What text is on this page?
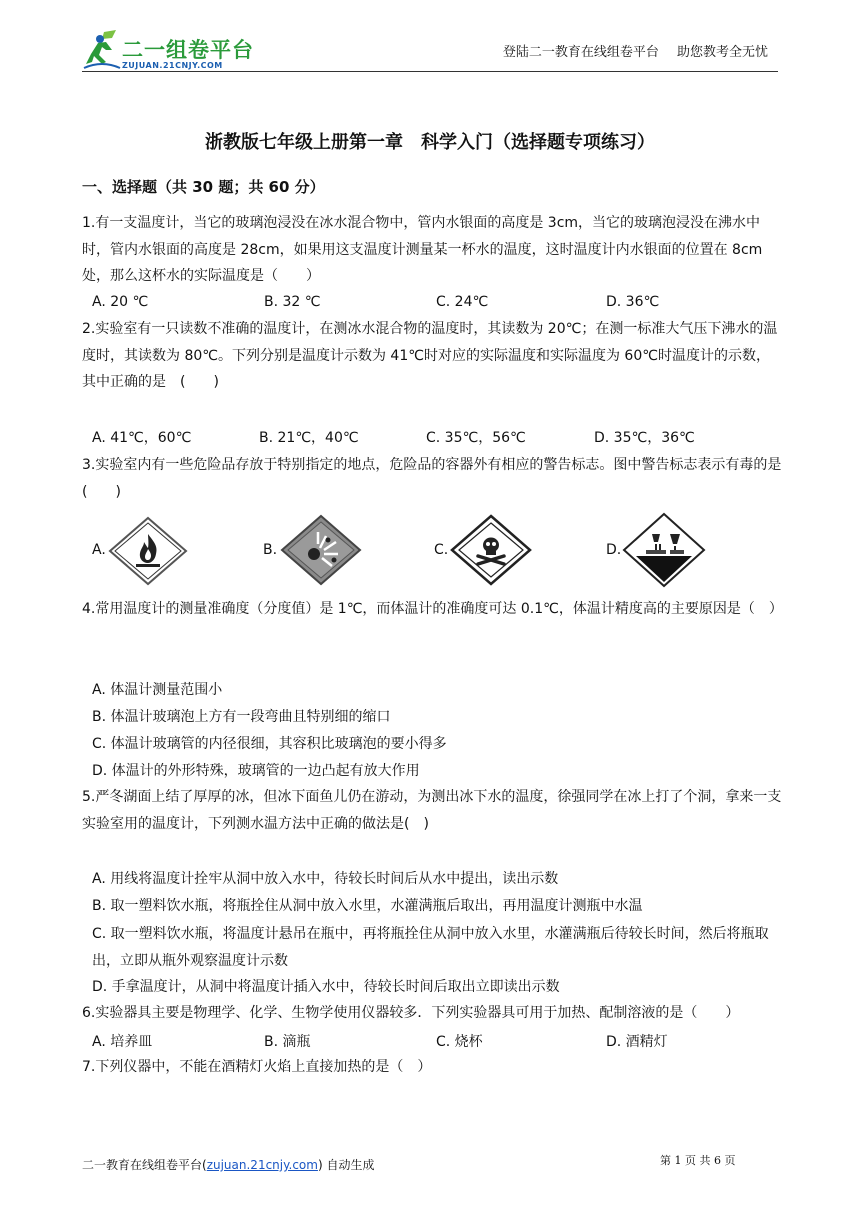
二一组卷平台
ZUJUAN.21CNJY.COM
登陆二一教育在线组卷平台 助您教考全无忧
浙教版七年级上册第一章　科学入门（选择题专项练习）
一、选择题（共 30 题；共 60 分）
1.有一支温度计，当它的玻璃泡浸没在冰水混合物中，管内水银面的高度是 3cm，当它的玻璃泡浸没在沸水中时，管内水银面的高度是 28cm，如果用这支温度计测量某一杯水的温度，这时温度计内水银面的位置在 8cm 处，那么这杯水的实际温度是（　　）
A. 20 ℃	B. 32 ℃	C. 24℃	D. 36℃
2.实验室有一只读数不准确的温度计，在测冰水混合物的温度时，其读数为 20℃；在测一标准大气压下沸水的温度时，其读数为 80℃。下列分别是温度计示数为 41℃时对应的实际温度和实际温度为 60℃时温度计的示数，其中正确的是　(　　)
A. 41℃，60℃	B. 21℃，40℃	C. 35℃，56℃	D. 35℃，36℃
3.实验室内有一些危险品存放于特别指定的地点，危险品的容器外有相应的警告标志。图中警告标志表示有毒的是(　　)
A.	B.	C.	D.
4.常用温度计的测量准确度（分度值）是 1℃，而体温计的准确度可达 0.1℃，体温计精度高的主要原因是（　）
A. 体温计测量范围小
B. 体温计玻璃泡上方有一段弯曲且特别细的缩口
C. 体温计玻璃管的内径很细，其容积比玻璃泡的要小得多
D. 体温计的外形特殊，玻璃管的一边凸起有放大作用
5.严冬湖面上结了厚厚的冰，但冰下面鱼儿仍在游动，为测出冰下水的温度，徐强同学在冰上打了个洞，拿来一支实验室用的温度计，下列测水温方法中正确的做法是(　)
A. 用线将温度计拴牢从洞中放入水中，待较长时间后从水中提出，读出示数
B. 取一塑料饮水瓶，将瓶拴住从洞中放入水里，水灌满瓶后取出，再用温度计测瓶中水温
C. 取一塑料饮水瓶，将温度计悬吊在瓶中，再将瓶拴住从洞中放入水里，水灌满瓶后待较长时间，然后将瓶取出，立即从瓶外观察温度计示数
D. 手拿温度计，从洞中将温度计插入水中，待较长时间后取出立即读出示数
6.实验器具主要是物理学、化学、生物学使用仪器较多．下列实验器具可用于加热、配制溶液的是（　　）
A. 培养皿	B. 滴瓶	C. 烧杯	D. 酒精灯
7.下列仪器中，不能在酒精灯火焰上直接加热的是（　）
二一教育在线组卷平台(zujuan.21cnjy.com) 自动生成	第 1 页 共 6 页
